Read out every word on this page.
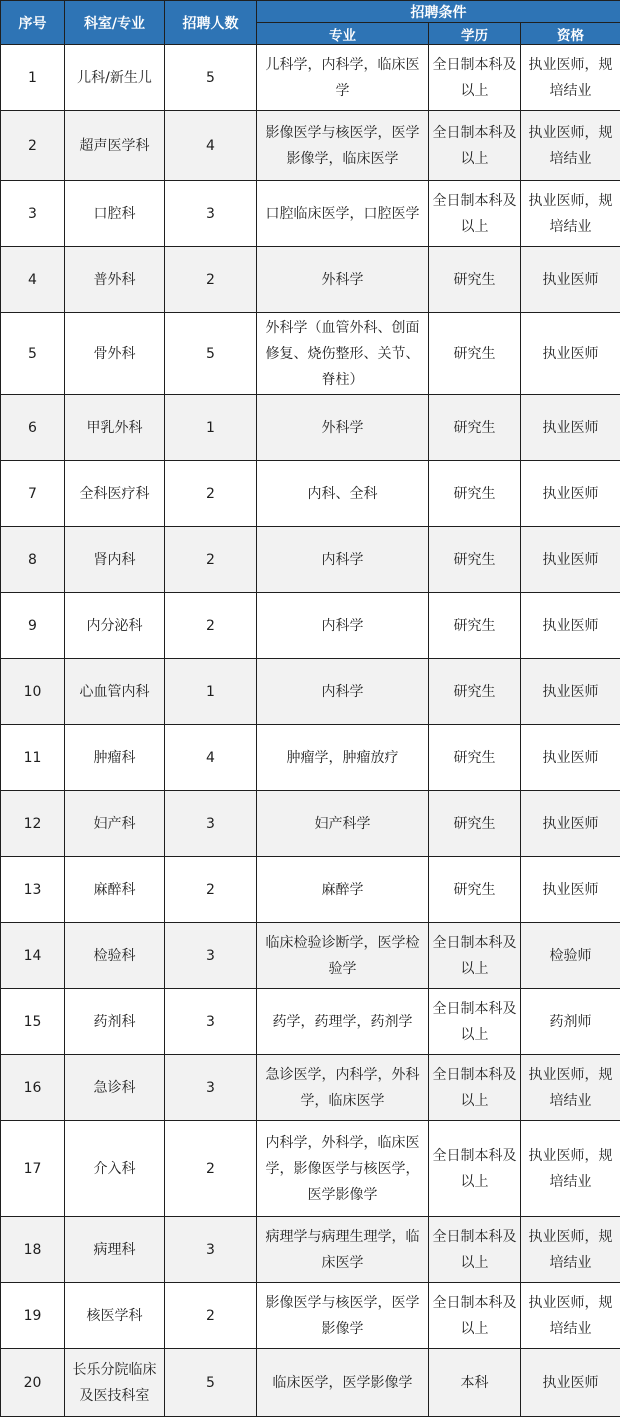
序号	科室/专业	招聘人数	招聘条件		
			专业	学历	资格
1	儿科/新生儿	5	儿科学，内科学，临床医学	全日制本科及以上	执业医师，规培结业
2	超声医学科	4	影像医学与核医学，医学影像学，临床医学	全日制本科及以上	执业医师，规培结业
3	口腔科	3	口腔临床医学，口腔医学	全日制本科及以上	执业医师，规培结业
4	普外科	2	外科学	研究生	执业医师
5	骨外科	5	外科学（血管外科、创面修复、烧伤整形、关节、脊柱）	研究生	执业医师
6	甲乳外科	1	外科学	研究生	执业医师
7	全科医疗科	2	内科、全科	研究生	执业医师
8	肾内科	2	内科学	研究生	执业医师
9	内分泌科	2	内科学	研究生	执业医师
10	心血管内科	1	内科学	研究生	执业医师
11	肿瘤科	4	肿瘤学，肿瘤放疗	研究生	执业医师
12	妇产科	3	妇产科学	研究生	执业医师
13	麻醉科	2	麻醉学	研究生	执业医师
14	检验科	3	临床检验诊断学，医学检验学	全日制本科及以上	检验师
15	药剂科	3	药学，药理学，药剂学	全日制本科及以上	药剂师
16	急诊科	3	急诊医学，内科学，外科学，临床医学	全日制本科及以上	执业医师，规培结业
17	介入科	2	内科学，外科学，临床医学，影像医学与核医学，医学影像学	全日制本科及以上	执业医师，规培结业
18	病理科	3	病理学与病理生理学，临床医学	全日制本科及以上	执业医师，规培结业
19	核医学科	2	影像医学与核医学，医学影像学	全日制本科及以上	执业医师，规培结业
20	长乐分院临床及医技科室	5	临床医学，医学影像学	本科	执业医师
